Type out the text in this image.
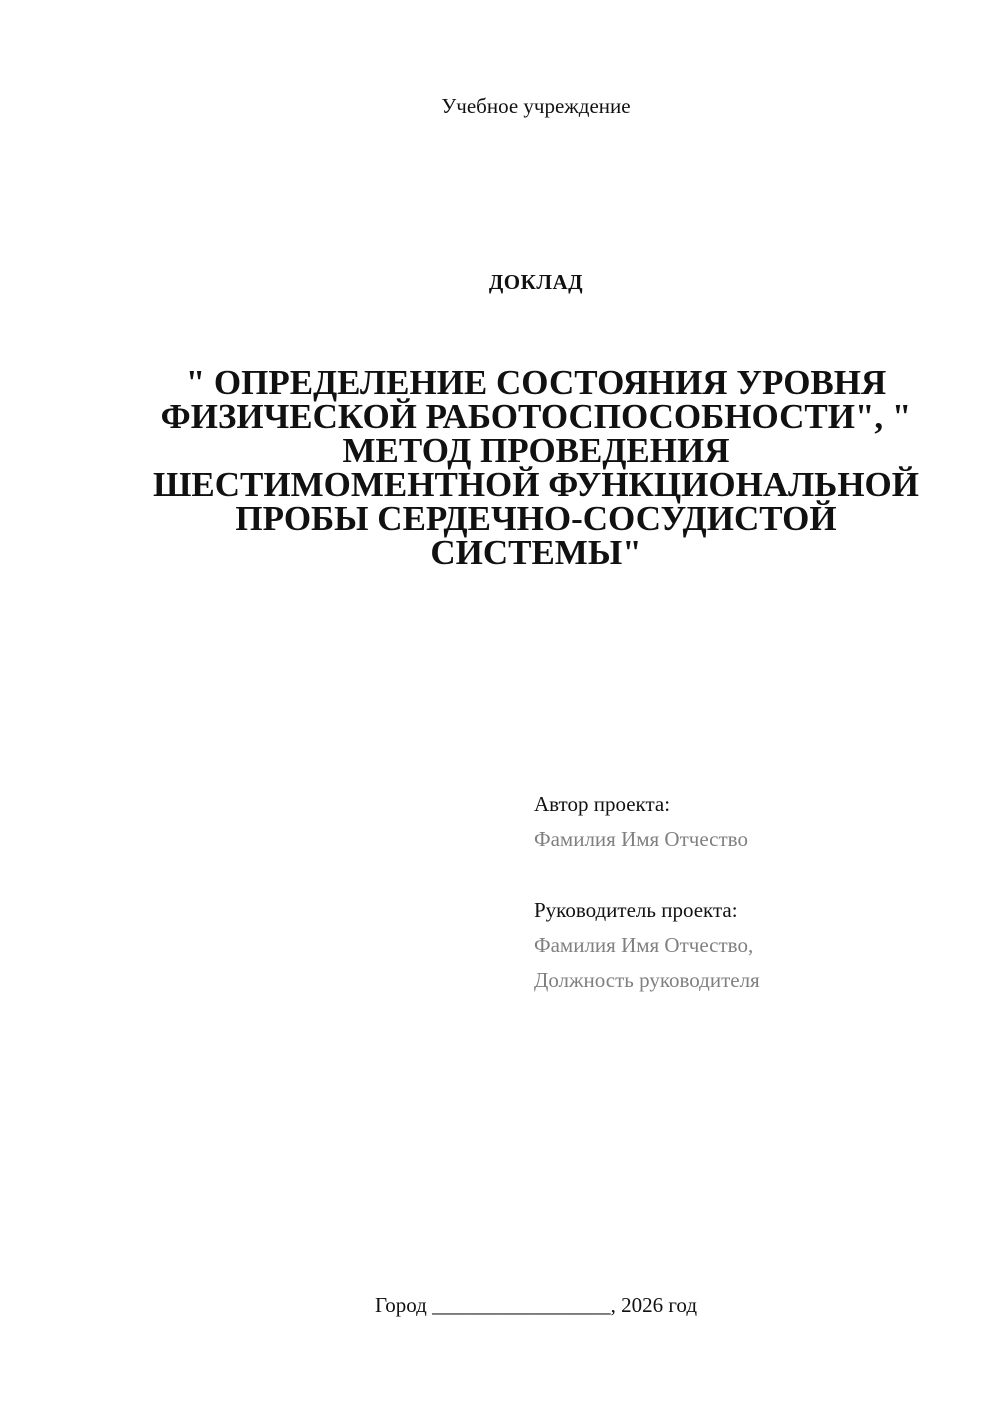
Учебное учреждение
ДОКЛАД
" ОПРЕДЕЛЕНИЕ СОСТОЯНИЯ УРОВНЯ ФИЗИЧЕСКОЙ РАБОТОСПОСОБНОСТИ", " МЕТОД ПРОВЕДЕНИЯ ШЕСТИМОМЕНТНОЙ ФУНКЦИОНАЛЬНОЙ ПРОБЫ СЕРДЕЧНО-СОСУДИСТОЙ СИСТЕМЫ"
Автор проекта:
Фамилия Имя Отчество
Руководитель проекта:
Фамилия Имя Отчество,
Должность руководителя
Город _________________, 2026 год
